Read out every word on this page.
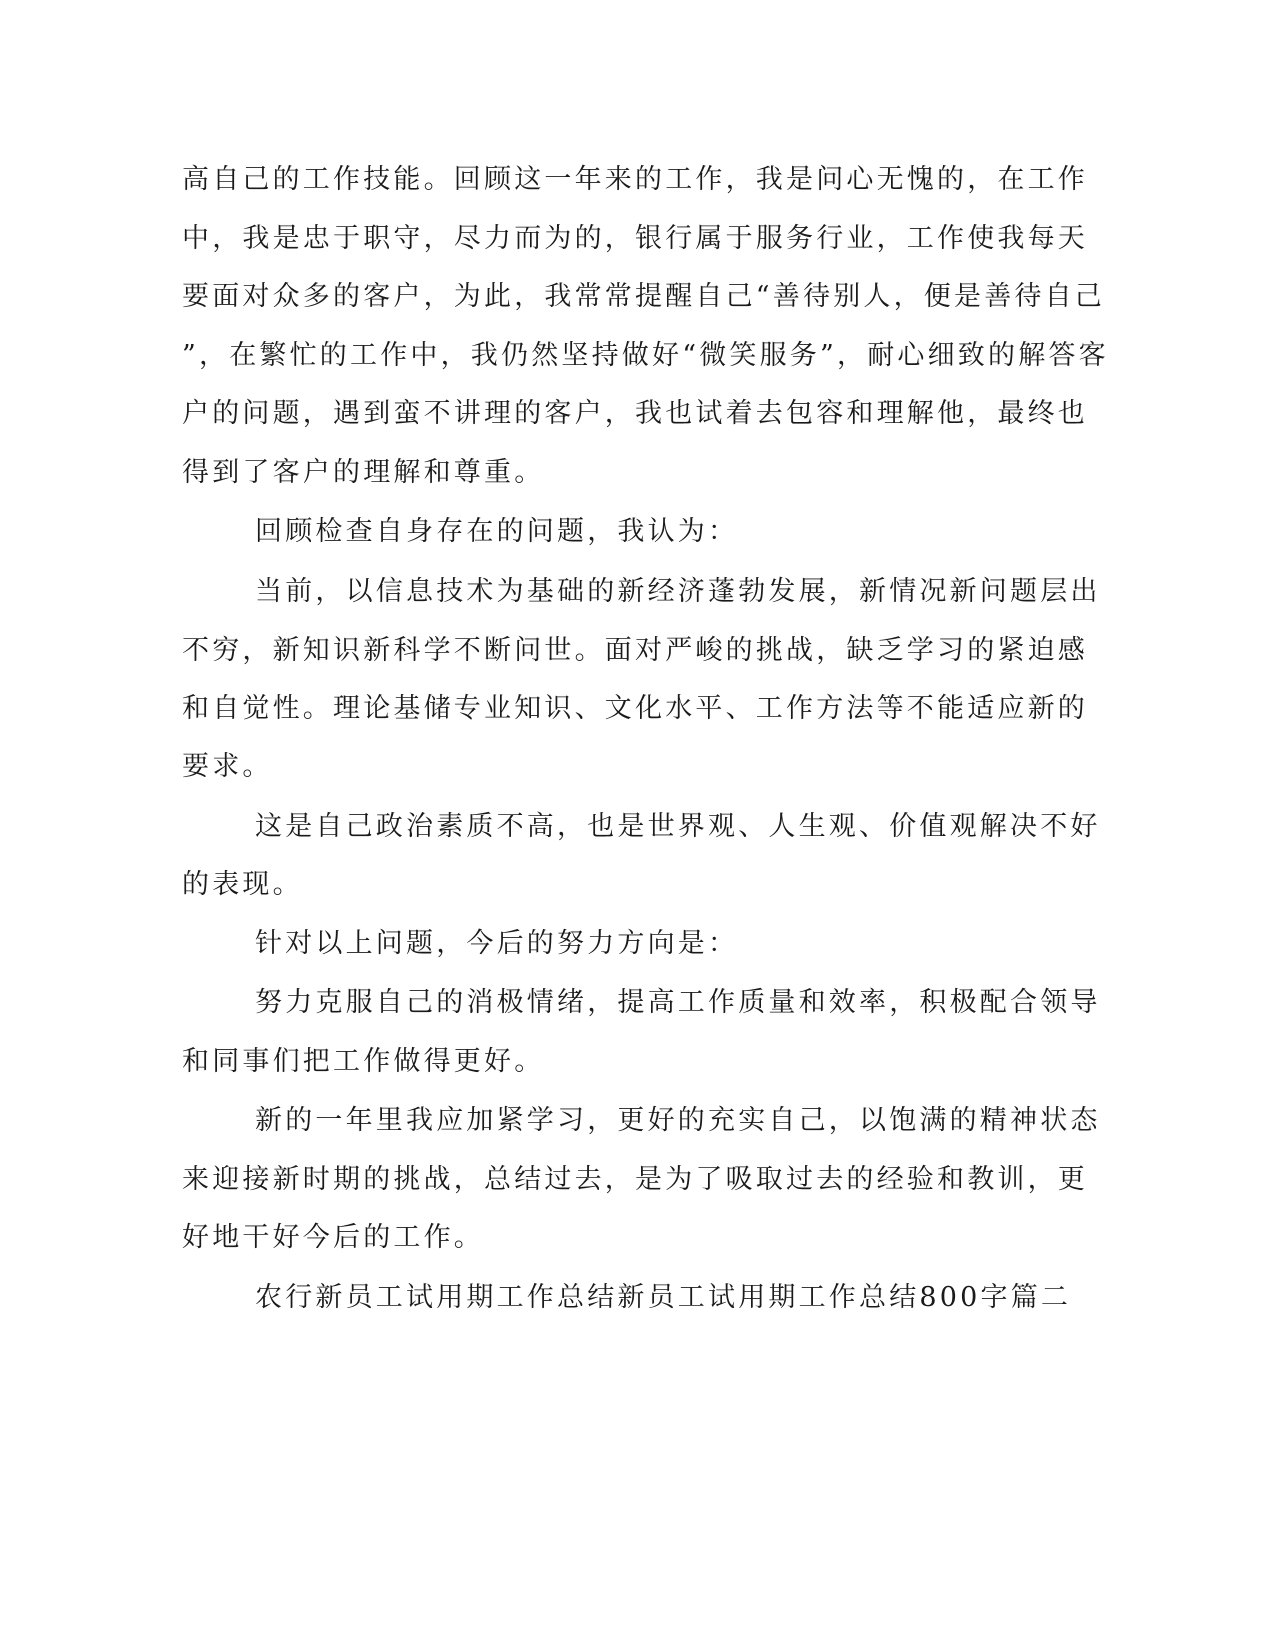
高自己的工作技能。回顾这一年来的工作，我是问心无愧的，在工作
中，我是忠于职守，尽力而为的，银行属于服务行业，工作使我每天
要面对众多的客户，为此，我常常提醒自己“善待别人，便是善待自己
”，在繁忙的工作中，我仍然坚持做好“微笑服务”，耐心细致的解答客
户的问题，遇到蛮不讲理的客户，我也试着去包容和理解他，最终也
得到了客户的理解和尊重。
回顾检查自身存在的问题，我认为：
当前，以信息技术为基础的新经济蓬勃发展，新情况新问题层出
不穷，新知识新科学不断问世。面对严峻的挑战，缺乏学习的紧迫感
和自觉性。理论基储专业知识、文化水平、工作方法等不能适应新的
要求。
这是自己政治素质不高，也是世界观、人生观、价值观解决不好
的表现。
针对以上问题，今后的努力方向是：
努力克服自己的消极情绪，提高工作质量和效率，积极配合领导
和同事们把工作做得更好。
新的一年里我应加紧学习，更好的充实自己，以饱满的精神状态
来迎接新时期的挑战，总结过去，是为了吸取过去的经验和教训，更
好地干好今后的工作。
农行新员工试用期工作总结新员工试用期工作总结800字篇二
